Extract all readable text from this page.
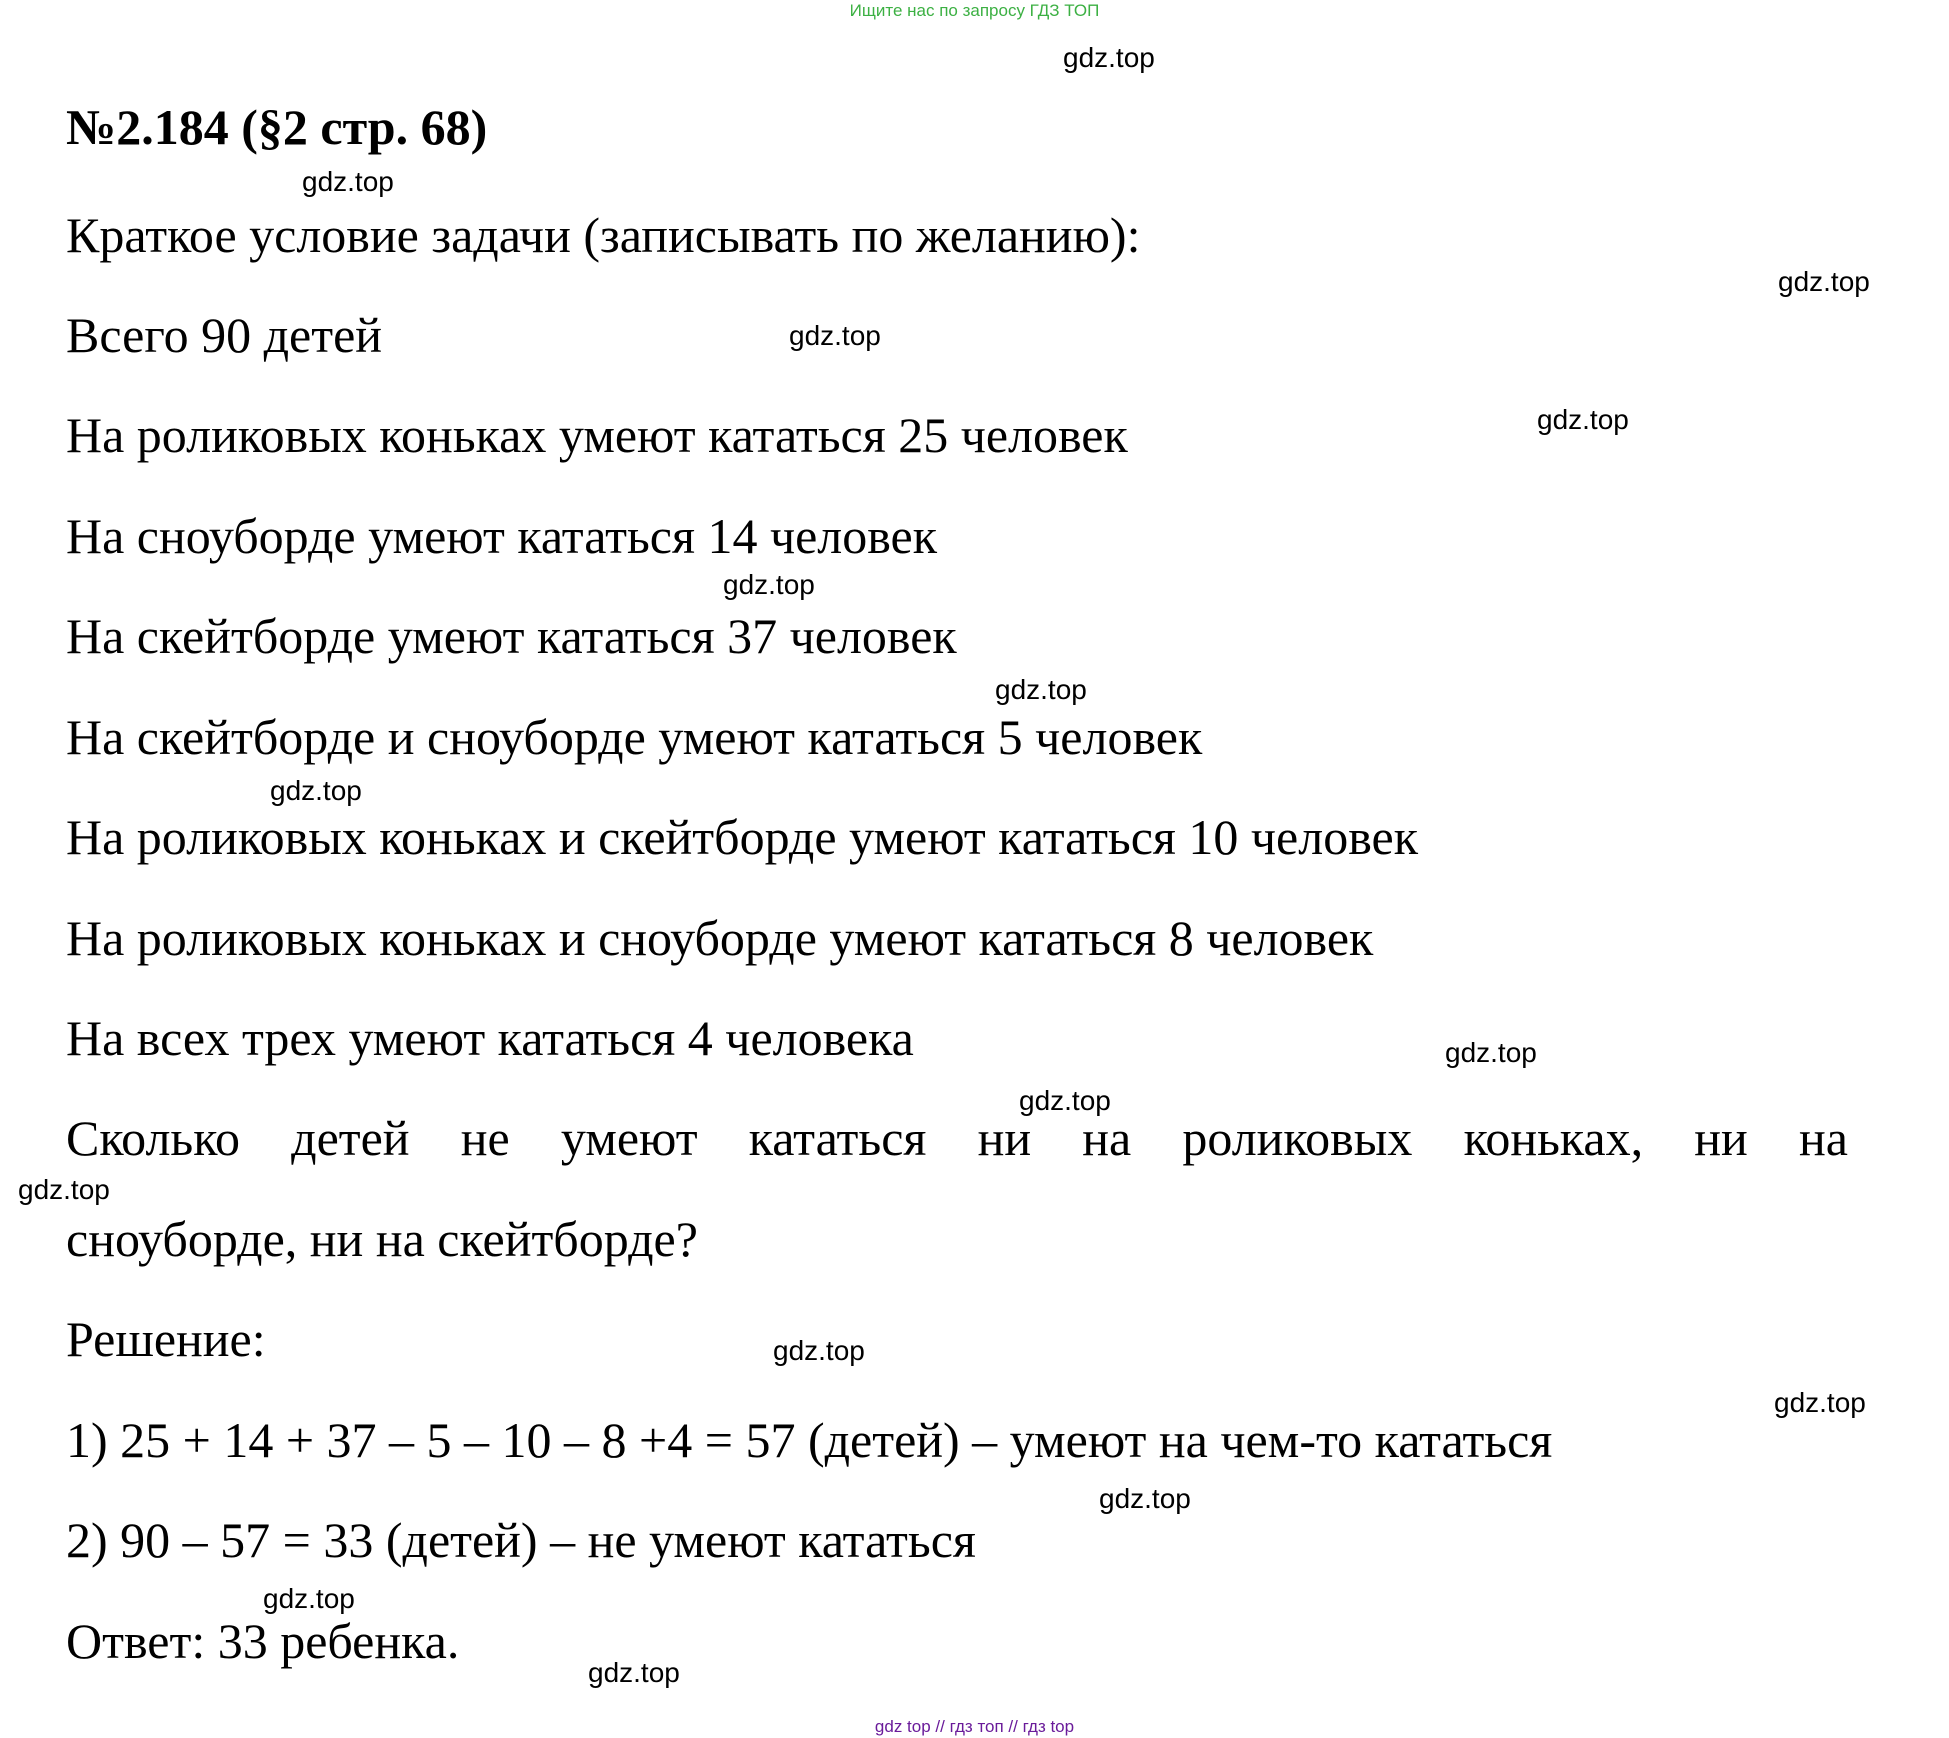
Ищите нас по запросу ГДЗ ТОП
№2.184 (§2 стр. 68)
Краткое условие задачи (записывать по желанию):
Всего 90 детей
На роликовых коньках умеют кататься 25 человек
На сноуборде умеют кататься 14 человек
На скейтборде умеют кататься 37 человек
На скейтборде и сноуборде умеют кататься 5 человек
На роликовых коньках и скейтборде умеют кататься 10 человек
На роликовых коньках и сноуборде умеют кататься 8 человек
На всех трех умеют кататься 4 человека
Сколько детей не умеют кататься ни на роликовых коньках, ни на
сноуборде, ни на скейтборде?
Решение:
1) 25 + 14 + 37 – 5 – 10 – 8 +4 = 57 (детей) – умеют на чем-то кататься
2) 90 – 57 = 33 (детей) – не умеют кататься
Ответ: 33 ребенка.
gdz.top
gdz.top
gdz.top
gdz.top
gdz.top
gdz.top
gdz.top
gdz.top
gdz.top
gdz.top
gdz.top
gdz.top
gdz.top
gdz.top
gdz.top
gdz.top
gdz top // гдз топ // гдз top
